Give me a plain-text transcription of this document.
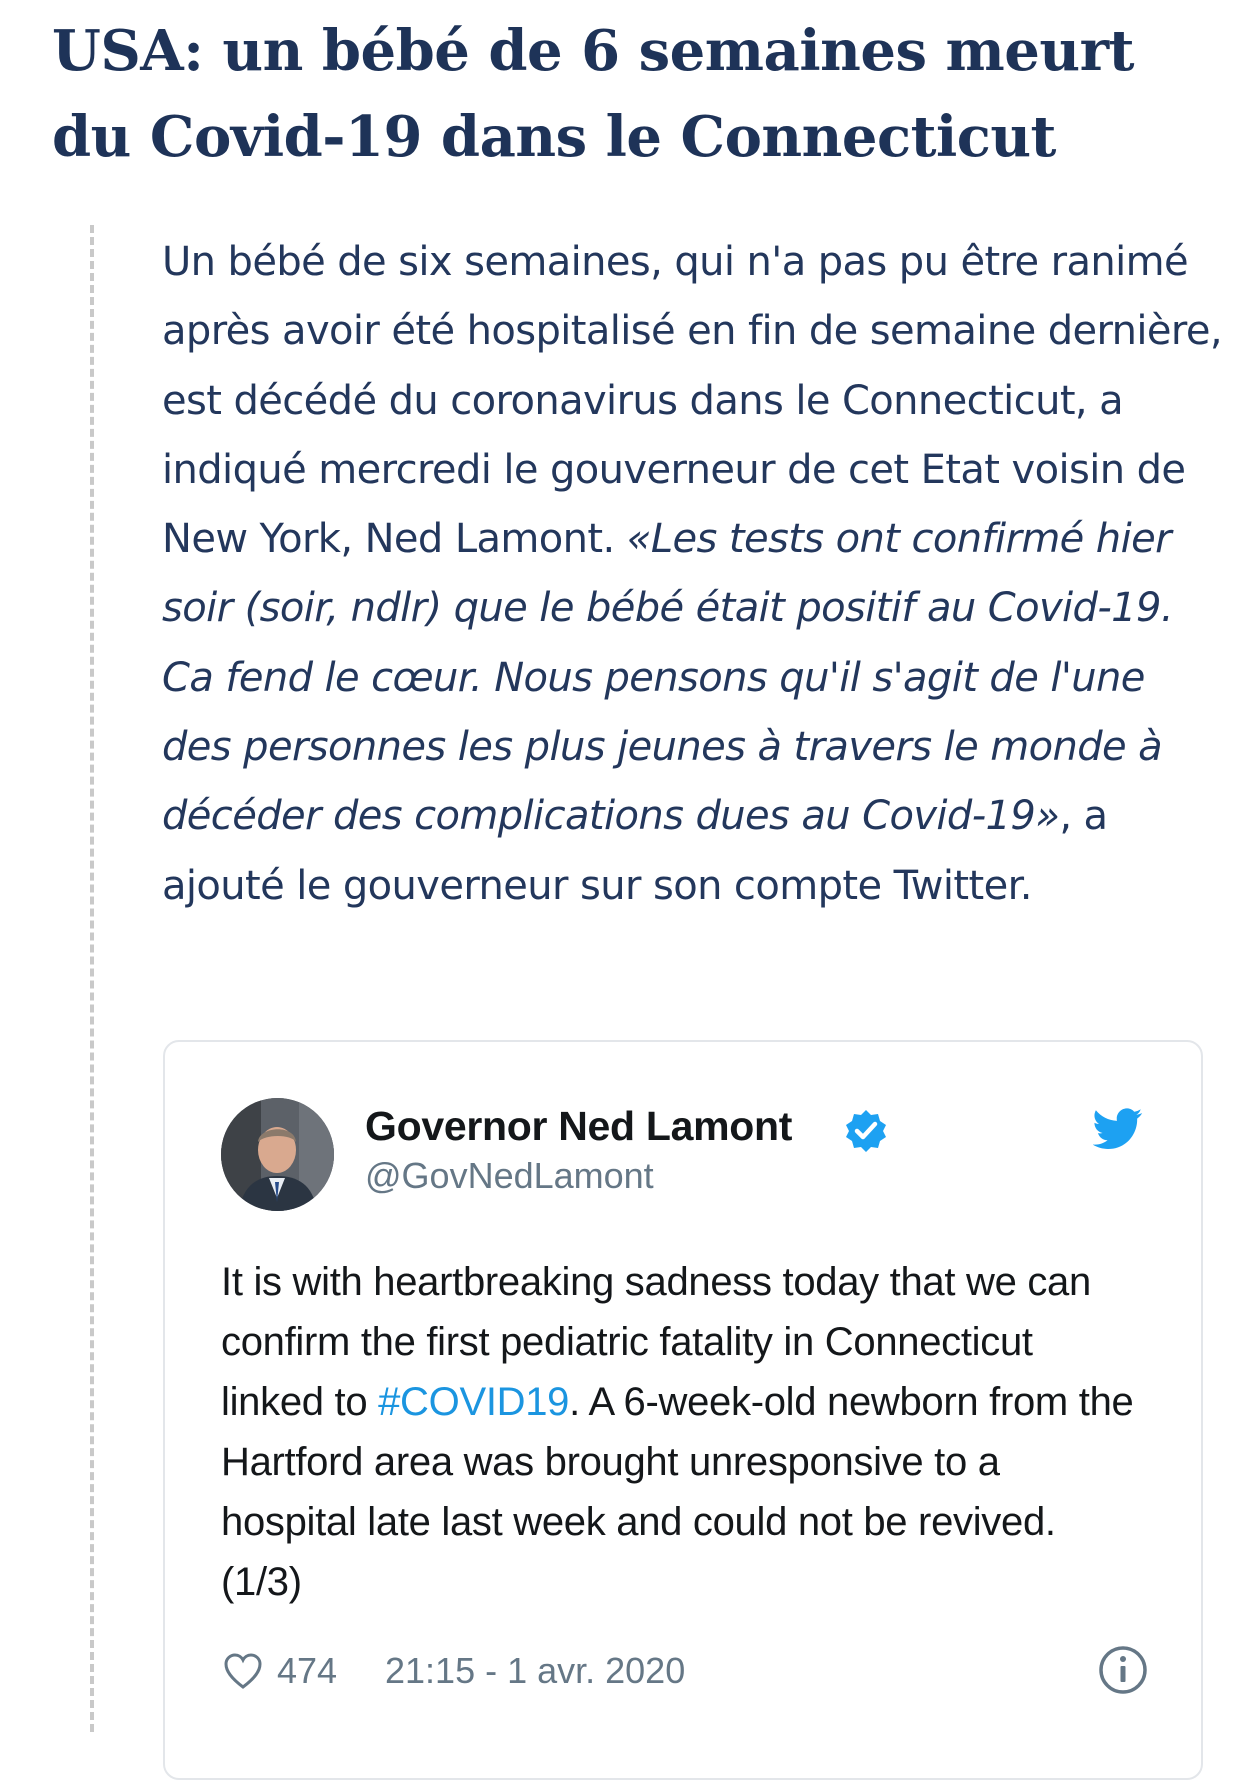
USA: un bébé de 6 semaines meurt du Covid-19 dans le Connecticut

Un bébé de six semaines, qui n'a pas pu être ranimé après avoir été hospitalisé en fin de semaine dernière, est décédé du coronavirus dans le Connecticut, a indiqué mercredi le gouverneur de cet Etat voisin de New York, Ned Lamont. «Les tests ont confirmé hier soir (soir, ndlr) que le bébé était positif au Covid-19. Ca fend le cœur. Nous pensons qu'il s'agit de l'une des personnes les plus jeunes à travers le monde à décéder des complications dues au Covid-19», a ajouté le gouverneur sur son compte Twitter.

Governor Ned Lamont
@GovNedLamont

It is with heartbreaking sadness today that we can confirm the first pediatric fatality in Connecticut linked to #COVID19. A 6-week-old newborn from the Hartford area was brought unresponsive to a hospital late last week and could not be revived. (1/3)

474 21:15 - 1 avr. 2020
